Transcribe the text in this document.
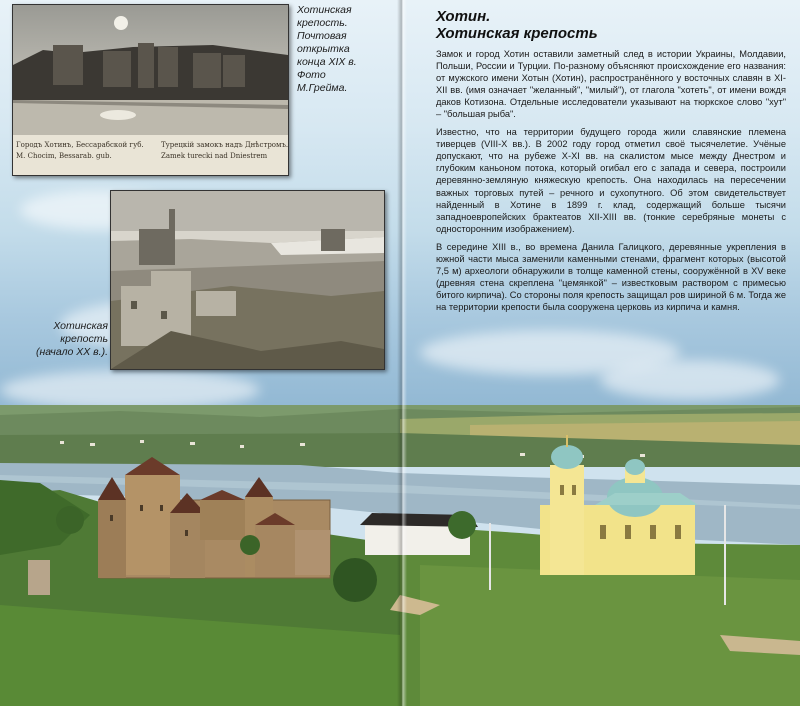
Городъ Хотинъ, Бессарабской губ.
M. Chocim, Bessarab. gub.
Турецкій замокъ надъ Днѣстромъ.
Zamek turecki nad Dniestrem
Хотинская
крепость.
Почтовая
открытка
конца XIX в.
Фото
М.Грейма.
Хотинская
крепость
(начало XX в.).
Хотин.
Хотинская крепость

Замок и город Хотин оставили заметный след в истории Украины, Молдавии, Польши, России и Турции. По-разному объясняют происхождение его названия: от мужского имени Хотын (Хотин), распространённого у восточных славян в XI-XII вв. (имя означает "желанный", "милый"), от глагола "хотеть", от имени вождя даков Котизона. Отдельные исследователи указывают на тюркское слово "хут" – "большая рыба".

Известно, что на территории будущего города жили славянские племена тиверцев (VIII-X вв.). В 2002 году город отметил своё тысячелетие. Учёные допускают, что на рубеже X-XI вв. на скалистом мысе между Днестром и глубоким каньоном потока, который огибал его с запада и севера, построили деревянно-земляную княжескую крепость. Она находилась на пересечении важных торговых путей – речного и сухопутного. Об этом свидетельствует найденный в Хотине в 1899 г. клад, содержащий больше тысячи западноевропейских брактеатов XII-XIII вв. (тонкие серебряные монеты с односторонним изображением).

В середине XIII в., во времена Данила Галицкого, деревянные укрепления в южной части мыса заменили каменными стенами, фрагмент которых (высотой 7,5 м) археологи обнаружили в толще каменной стены, сооружённой в XV веке (древняя стена скреплена "цемянкой" – известковым раствором с примесью битого кирпича). Со стороны поля крепость защищал ров шириной 6 м. Тогда же на территории крепости была сооружена церковь из кирпича и камня.
